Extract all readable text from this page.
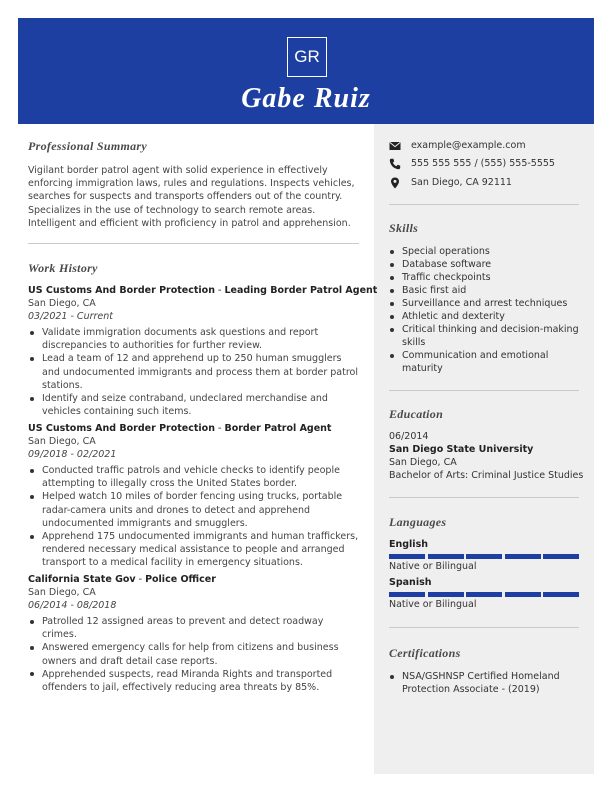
GR
Gabe Ruiz
Professional Summary
Vigilant border patrol agent with solid experience in effectively enforcing immigration laws, rules and regulations. Inspects vehicles, searches for suspects and transports offenders out of the country. Specializes in the use of technology to search remote areas. Intelligent and efficient with proficiency in patrol and apprehension.
Work History
US Customs And Border Protection - Leading Border Patrol Agent
San Diego, CA
03/2021 - Current
Validate immigration documents ask questions and report discrepancies to authorities for further review.
Lead a team of 12 and apprehend up to 250 human smugglers and undocumented immigrants and process them at border patrol stations.
Identify and seize contraband, undeclared merchandise and vehicles containing such items.
US Customs And Border Protection - Border Patrol Agent
San Diego, CA
09/2018 - 02/2021
Conducted traffic patrols and vehicle checks to identify people attempting to illegally cross the United States border.
Helped watch 10 miles of border fencing using trucks, portable radar-camera units and drones to detect and apprehend undocumented immigrants and smugglers.
Apprehend 175 undocumented immigrants and human traffickers, rendered necessary medical assistance to people and arranged transport to a medical facility in emergency situations.
California State Gov - Police Officer
San Diego, CA
06/2014 - 08/2018
Patrolled 12 assigned areas to prevent and detect roadway crimes.
Answered emergency calls for help from citizens and business owners and draft detail case reports.
Apprehended suspects, read Miranda Rights and transported offenders to jail, effectively reducing area threats by 85%.
example@example.com
555 555 555 / (555) 555-5555
San Diego, CA 92111
Skills
Special operations
Database software
Traffic checkpoints
Basic first aid
Surveillance and arrest techniques
Athletic and dexterity
Critical thinking and decision-making skills
Communication and emotional maturity
Education
06/2014
San Diego State University
San Diego, CA
Bachelor of Arts: Criminal Justice Studies
Languages
English
Native or Bilingual
Spanish
Native or Bilingual
Certifications
NSA/GSHNSP Certified Homeland Protection Associate - (2019)
